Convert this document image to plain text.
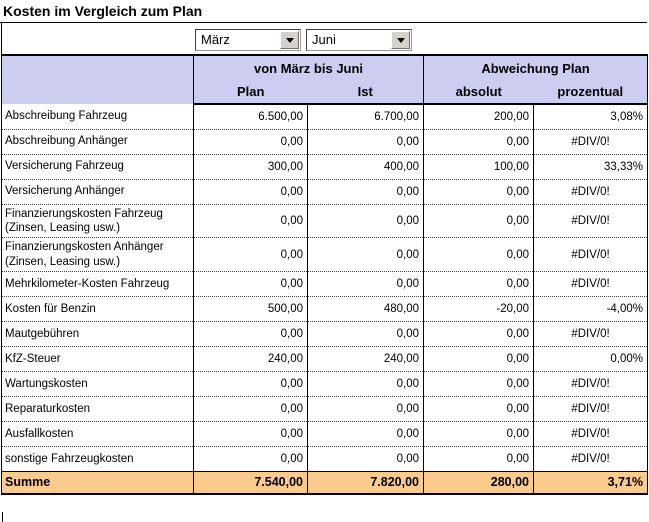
Kosten im Vergleich zum Plan
März	Juni
	von März bis Juni		Abweichung Plan	
	Plan	Ist	absolut	prozentual
Abschreibung Fahrzeug	6.500,00	6.700,00	200,00	3,08%
Abschreibung Anhänger	0,00	0,00	0,00	#DIV/0!
Versicherung Fahrzeug	300,00	400,00	100,00	33,33%
Versicherung Anhänger	0,00	0,00	0,00	#DIV/0!
Finanzierungskosten Fahrzeug (Zinsen, Leasing usw.)	0,00	0,00	0,00	#DIV/0!
Finanzierungskosten Anhänger (Zinsen, Leasing usw.)	0,00	0,00	0,00	#DIV/0!
Mehrkilometer-Kosten Fahrzeug	0,00	0,00	0,00	#DIV/0!
Kosten für Benzin	500,00	480,00	-20,00	-4,00%
Mautgebühren	0,00	0,00	0,00	#DIV/0!
KfZ-Steuer	240,00	240,00	0,00	0,00%
Wartungskosten	0,00	0,00	0,00	#DIV/0!
Reparaturkosten	0,00	0,00	0,00	#DIV/0!
Ausfallkosten	0,00	0,00	0,00	#DIV/0!
sonstige Fahrzeugkosten	0,00	0,00	0,00	#DIV/0!
Summe	7.540,00	7.820,00	280,00	3,71%
